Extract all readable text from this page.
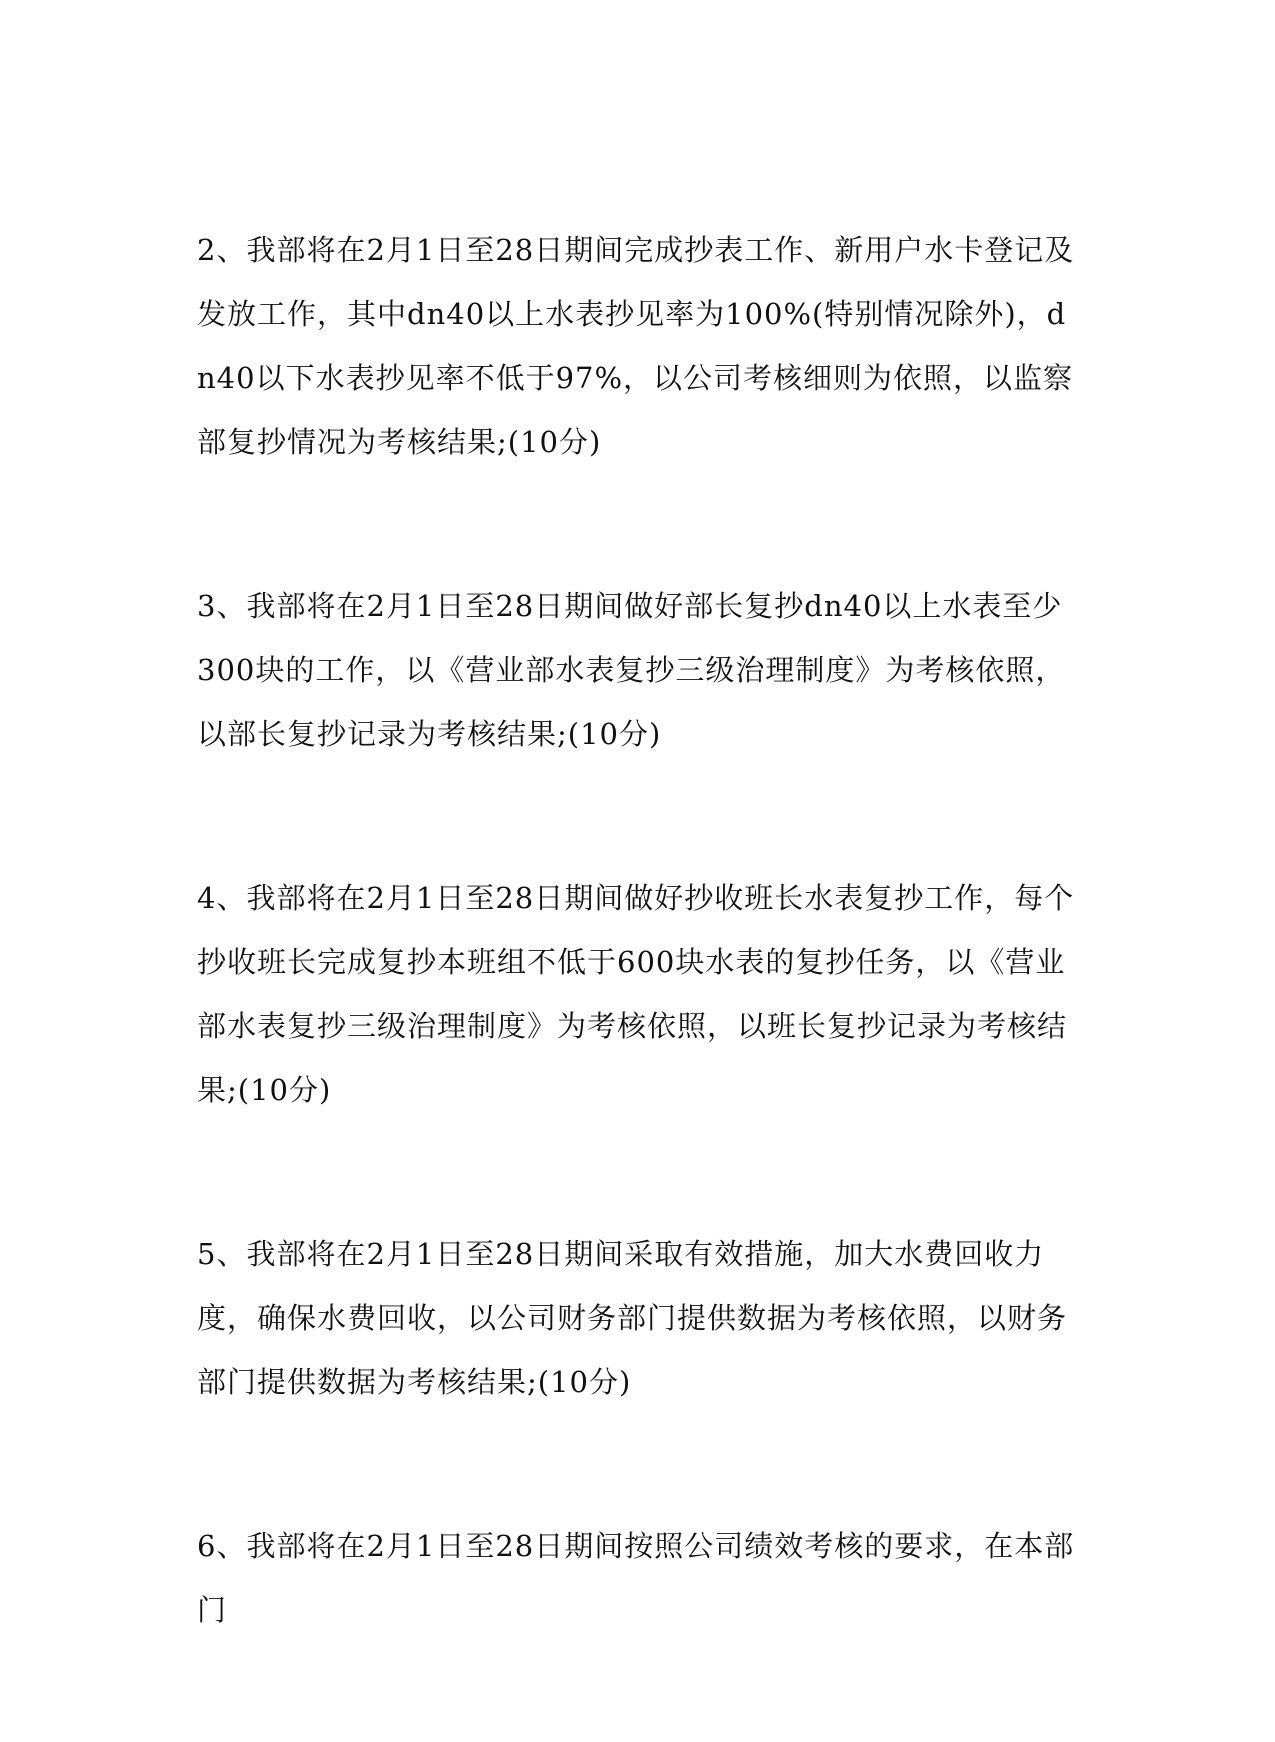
2、我部将在2月1日至28日期间完成抄表工作、新用户水卡登记及发放工作，其中dn40以上水表抄见率为100%(特别情况除外)，dn40以下水表抄见率不低于97%，以公司考核细则为依照，以监察部复抄情况为考核结果;(10分)

3、我部将在2月1日至28日期间做好部长复抄dn40以上水表至少300块的工作，以《营业部水表复抄三级治理制度》为考核依照，以部长复抄记录为考核结果;(10分)

4、我部将在2月1日至28日期间做好抄收班长水表复抄工作，每个抄收班长完成复抄本班组不低于600块水表的复抄任务，以《营业部水表复抄三级治理制度》为考核依照，以班长复抄记录为考核结果;(10分)

5、我部将在2月1日至28日期间采取有效措施，加大水费回收力度，确保水费回收，以公司财务部门提供数据为考核依照，以财务部门提供数据为考核结果;(10分)

6、我部将在2月1日至28日期间按照公司绩效考核的要求，在本部门
